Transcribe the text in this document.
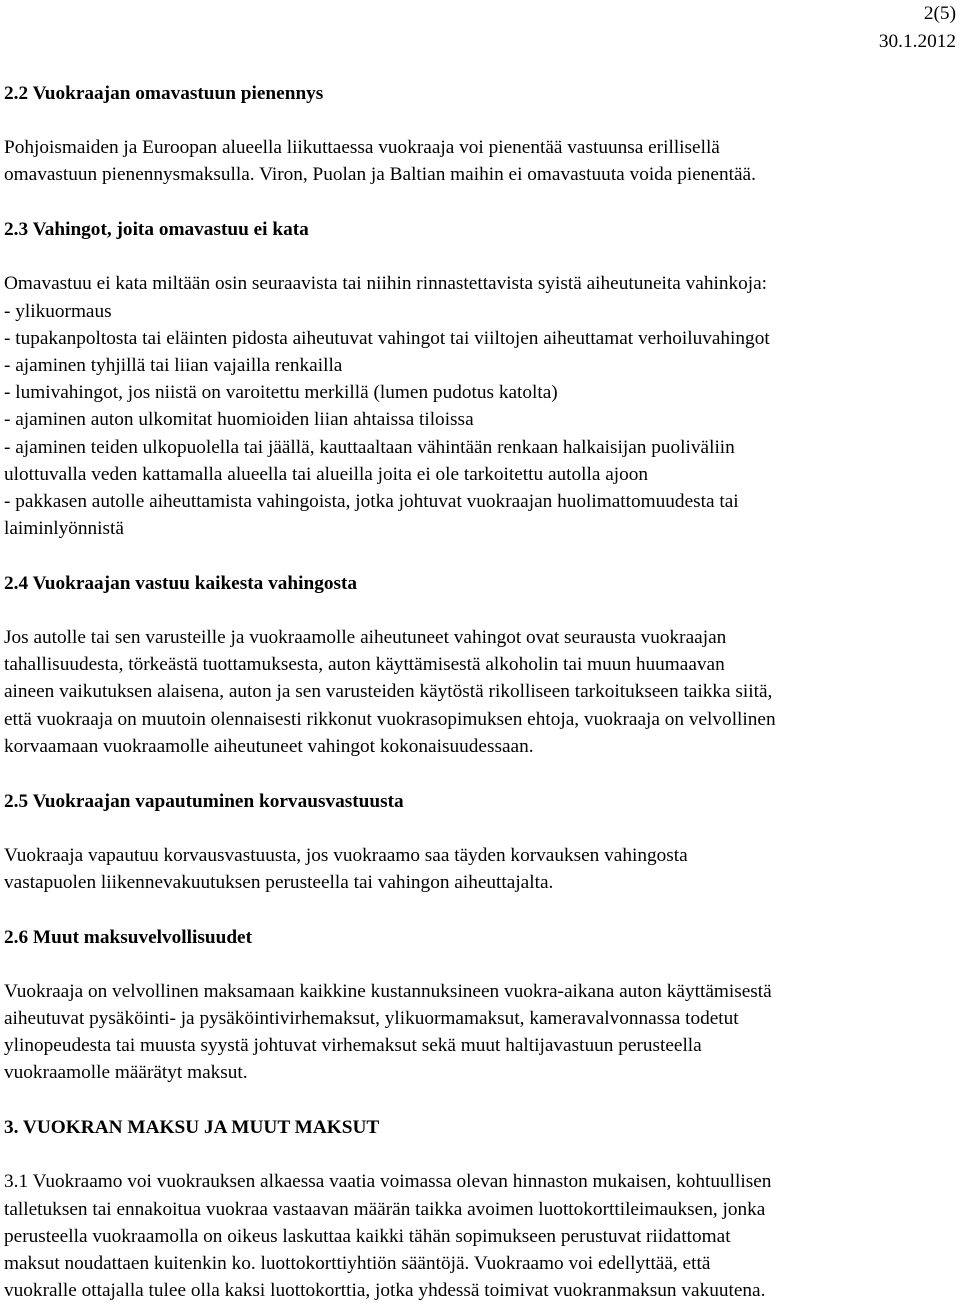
2(5)
30.1.2012
2.2 Vuokraajan omavastuun pienennys

Pohjoismaiden ja Euroopan alueella liikuttaessa vuokraaja voi pienentää vastuunsa erillisellä
omavastuun pienennysmaksulla. Viron, Puolan ja Baltian maihin ei omavastuuta voida pienentää.

2.3 Vahingot, joita omavastuu ei kata

Omavastuu ei kata miltään osin seuraavista tai niihin rinnastettavista syistä aiheutuneita vahinkoja:
- ylikuormaus
- tupakanpoltosta tai eläinten pidosta aiheutuvat vahingot tai viiltojen aiheuttamat verhoiluvahingot
- ajaminen tyhjillä tai liian vajailla renkailla
- lumivahingot, jos niistä on varoitettu merkillä (lumen pudotus katolta)
- ajaminen auton ulkomitat huomioiden liian ahtaissa tiloissa
- ajaminen teiden ulkopuolella tai jäällä, kauttaaltaan vähintään renkaan halkaisijan puoliväliin
ulottuvalla veden kattamalla alueella tai alueilla joita ei ole tarkoitettu autolla ajoon
- pakkasen autolle aiheuttamista vahingoista, jotka johtuvat vuokraajan huolimattomuudesta tai
laiminlyönnistä

2.4 Vuokraajan vastuu kaikesta vahingosta

Jos autolle tai sen varusteille ja vuokraamolle aiheutuneet vahingot ovat seurausta vuokraajan
tahallisuudesta, törkeästä tuottamuksesta, auton käyttämisestä alkoholin tai muun huumaavan
aineen vaikutuksen alaisena, auton ja sen varusteiden käytöstä rikolliseen tarkoitukseen taikka siitä,
että vuokraaja on muutoin olennaisesti rikkonut vuokrasopimuksen ehtoja, vuokraaja on velvollinen
korvaamaan vuokraamolle aiheutuneet vahingot kokonaisuudessaan.

2.5 Vuokraajan vapautuminen korvausvastuusta

Vuokraaja vapautuu korvausvastuusta, jos vuokraamo saa täyden korvauksen vahingosta
vastapuolen liikennevakuutuksen perusteella tai vahingon aiheuttajalta.

2.6 Muut maksuvelvollisuudet

Vuokraaja on velvollinen maksamaan kaikkine kustannuksineen vuokra-aikana auton käyttämisestä
aiheutuvat pysäköinti- ja pysäköintivirhemaksut, ylikuormamaksut, kameravalvonnassa todetut
ylinopeudesta tai muusta syystä johtuvat virhemaksut sekä muut haltijavastuun perusteella
vuokraamolle määrätyt maksut.

3. VUOKRAN MAKSU JA MUUT MAKSUT

3.1 Vuokraamo voi vuokrauksen alkaessa vaatia voimassa olevan hinnaston mukaisen, kohtuullisen
talletuksen tai ennakoitua vuokraa vastaavan määrän taikka avoimen luottokorttileimauksen, jonka
perusteella vuokraamolla on oikeus laskuttaa kaikki tähän sopimukseen perustuvat riidattomat
maksut noudattaen kuitenkin ko. luottokorttiyhtiön sääntöjä. Vuokraamo voi edellyttää, että
vuokralle ottajalla tulee olla kaksi luottokorttia, jotka yhdessä toimivat vuokranmaksun vakuutena.
